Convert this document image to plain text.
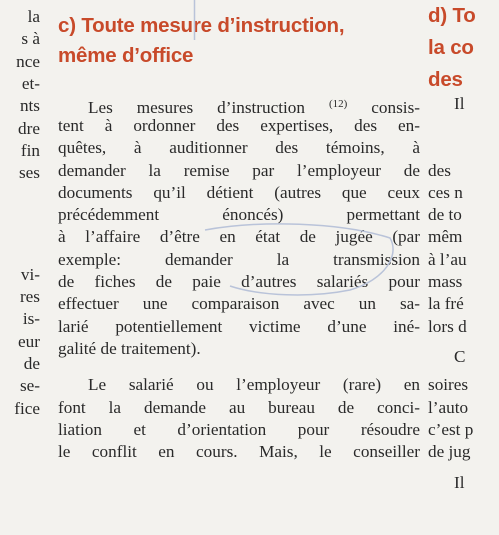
la
s à
nce
et-
nts
dre
fin
ses
vi-
res
is-
eur
de
se-
fice
c) Toute mesure d’instruction,
même d’office
Les mesures d’instruction $^{(12)}$ consis-
tent à ordonner des expertises, des en-
quêtes, à auditionner des témoins, à
demander la remise par l’employeur de
documents qu’il détient (autres que ceux
précédemment énoncés) permettant
à l’affaire d’être en état de jugée (par
exemple: demander la transmission
de fiches de paie d’autres salariés pour
effectuer une comparaison avec un sa-
larié potentiellement victime d’une iné-
galité de traitement).
Le salarié ou l’employeur (rare) en
font la demande au bureau de conci-
liation et d’orientation pour résoudre
le conflit en cours. Mais, le conseiller
d) To
la co
des
Il
des
ces n
de to
mêm
à l’au
mass
la fré
lors d
C
soires
l’auto
c’est p
de jug
Il
